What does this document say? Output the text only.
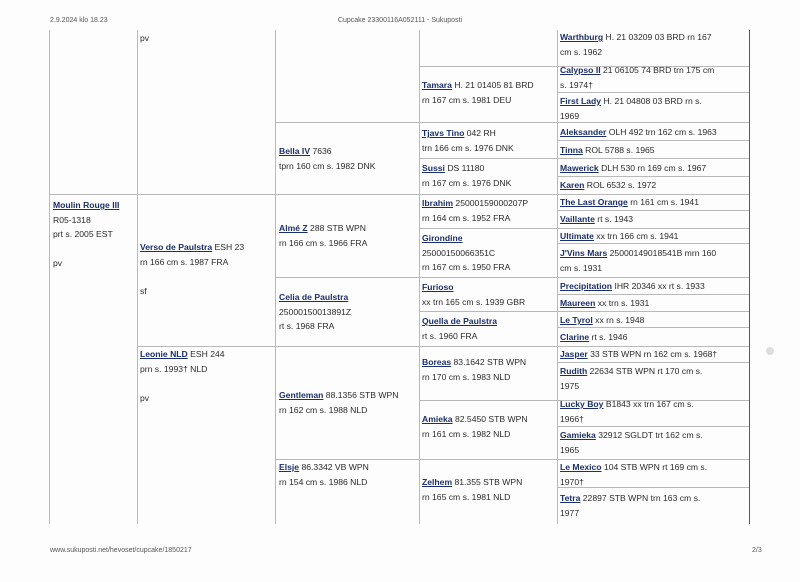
2.9.2024 klo 18.23	Cupcake 23300116A052111 - Sukuposti
www.sukuposti.net/hevoset/cupcake/1850217	2/3
Moulin Rouge III
R05-1318
prt s. 2005 EST

pv
pv
Verso de Paulstra ESH 23
rn 166 cm s. 1987 FRA

sf
Leonie NLD ESH 244
prn s. 1993† NLD

pv
Bella IV 7636
tprn 160 cm s. 1982 DNK
Almé Z 288 STB WPN
rn 166 cm s. 1966 FRA
Celia de Paulstra
25000150013891Z
rt s. 1968 FRA
Gentleman 88.1356 STB WPN
rn 162 cm s. 1988 NLD
Elsje 86.3342 VB WPN
rn 154 cm s. 1986 NLD
Tamara H. 21 01405 81 BRD
rn 167 cm s. 1981 DEU
Tjavs Tino 042 RH
trn 166 cm s. 1976 DNK
Sussi DS 11180
rn 167 cm s. 1976 DNK
Ibrahim 25000159000207P
rn 164 cm s. 1952 FRA
Girondine
25000150066351C
rn 167 cm s. 1950 FRA
Furioso
xx trn 165 cm s. 1939 GBR
Quella de Paulstra
rt s. 1960 FRA
Boreas 83.1642 STB WPN
rn 170 cm s. 1983 NLD
Amieka 82.5450 STB WPN
rn 161 cm s. 1982 NLD
Zelhem 81.355 STB WPN
rn 165 cm s. 1981 NLD
Warthburg H. 21 03209 03 BRD rn 167
cm s. 1962
Calypso II 21 06105 74 BRD trn 175 cm
s. 1974†
First Lady H. 21 04808 03 BRD rn s.
1969
Aleksander OLH 492 trn 162 cm s. 1963
Tinna ROL 5788 s. 1965
Mawerick DLH 530 rn 169 cm s. 1967
Karen ROL 6532 s. 1972
The Last Orange rn 161 cm s. 1941
Vaillante rt s. 1943
Ultimate xx trn 166 cm s. 1941
J'Vins Mars 25000149018541B mrn 160
cm s. 1931
Precipitation IHR 20346 xx rt s. 1933
Maureen xx trn s. 1931
Le Tyrol xx rn s. 1948
Clarine rt s. 1946
Jasper 33 STB WPN rn 162 cm s. 1968†
Rudith 22634 STB WPN rt 170 cm s.
1975
Lucky Boy B1843 xx trn 167 cm s.
1966†
Gamieka 32912 SGLDT trt 162 cm s.
1965
Le Mexico 104 STB WPN rt 169 cm s.
1970†
Tetra 22897 STB WPN trn 163 cm s.
1977
